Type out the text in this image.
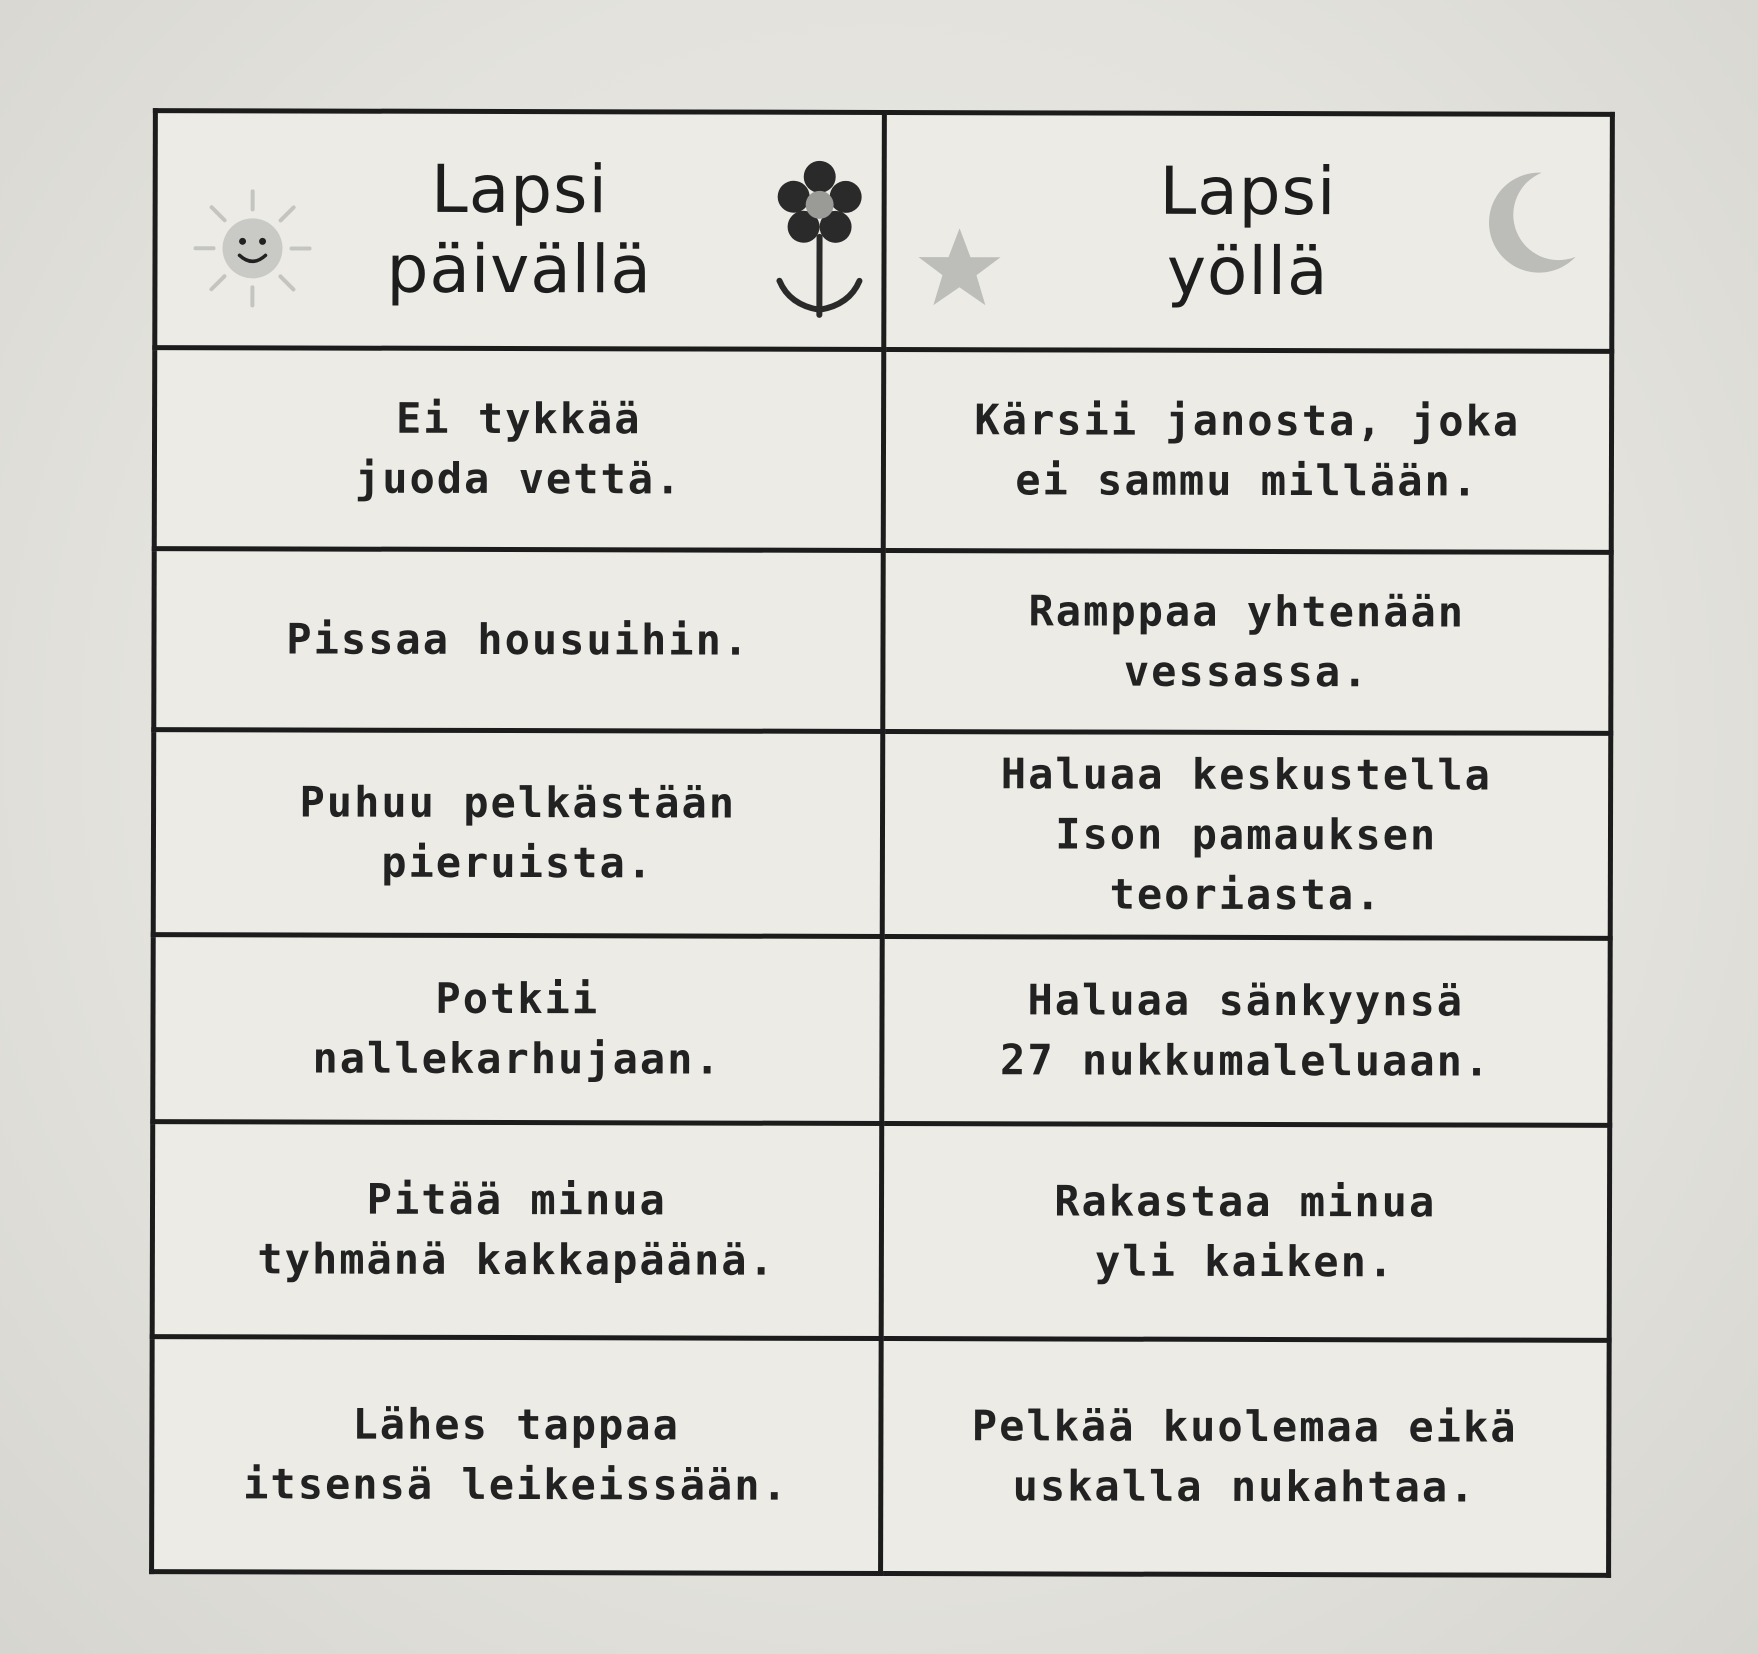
Lapsi
päivällä	Lapsi
yöllä

Ei tykkää
juoda vettä.	Kärsii janosta, joka
ei sammu millään.

Pissaa housuihin.	Ramppaa yhtenään
vessassa.

Puhuu pelkästään
pieruista.	Haluaa keskustella
Ison pamauksen
teoriasta.

Potkii
nallekarhujaan.	Haluaa sänkyynsä
27 nukkumaleluaan.

Pitää minua
tyhmänä kakkapäänä.	Rakastaa minua
yli kaiken.

Lähes tappaa
itsensä leikeissään.	Pelkää kuolemaa eikä
uskalla nukahtaa.
